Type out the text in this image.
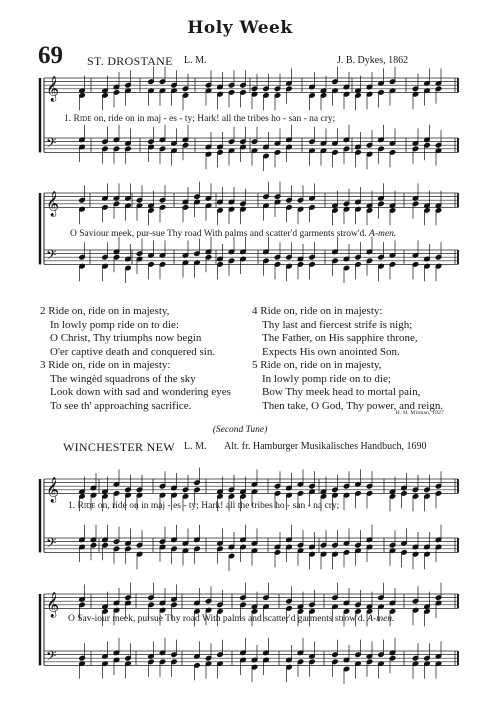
Holy Week
69 ST. DROSTANE L. M.	J. B. Dykes, 1862
𝄞
𝄢
𝄞
𝄢
𝄞
𝄢
𝄞
𝄢
1. Ride on, ride on in maj - es - ty; Hark! all the tribes ho - san - na cry;
O Saviour meek, pur-sue Thy road With palms and scatter'd garments strow'd. A-men.
2 Ride on, ride on in majesty,
In lowly pomp ride on to die:
O Christ, Thy triumphs now begin
O'er captive death and conquered sin.
3 Ride on, ride on in majesty:
The wingèd squadrons of the sky
Look down with sad and wondering eyes
To see th' approaching sacrifice.
4 Ride on, ride on in majesty:
Thy last and fiercest strife is nigh;
The Father, on His sapphire throne,
Expects His own anointed Son.
5 Ride on, ride on in majesty,
In lowly pomp ride on to die;
Bow Thy meek head to mortal pain,
Then take, O God, Thy power, and reign.
H. H. Milman, 1827
(Second Tune)
WINCHESTER NEW L. M. Alt. fr. Hamburger Musikalisches Handbuch, 1690
1. Ride on, ride on in maj - es - ty; Hark! all the tribes ho - san - na cry;
O Sav-iour meek, pursue Thy road With palms and scatter'd garments strow'd. A-men.
